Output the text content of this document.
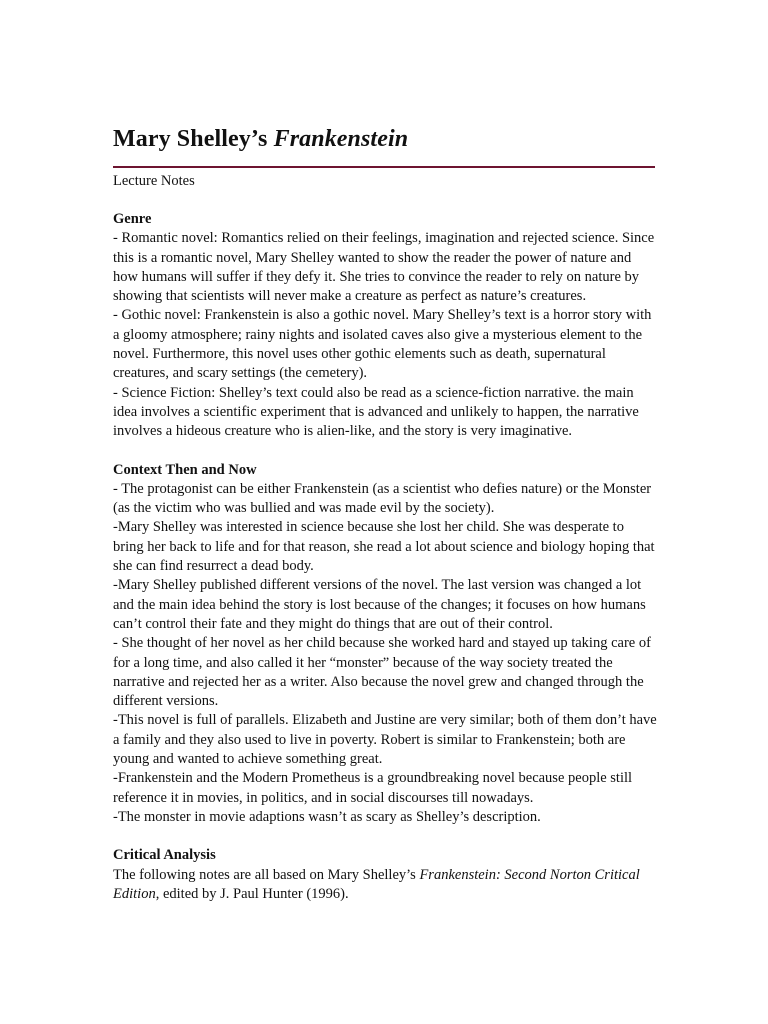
Mary Shelley’s Frankenstein

Lecture Notes

Genre

- Romantic novel: Romantics relied on their feelings, imagination and rejected science. Since this is a romantic novel, Mary Shelley wanted to show the reader the power of nature and how humans will suffer if they defy it. She tries to convince the reader to rely on nature by showing that scientists will never make a creature as perfect as nature’s creatures.

- Gothic novel: Frankenstein is also a gothic novel. Mary Shelley’s text is a horror story with a gloomy atmosphere; rainy nights and isolated caves also give a mysterious element to the novel. Furthermore, this novel uses other gothic elements such as death, supernatural creatures, and scary settings (the cemetery).

- Science Fiction: Shelley’s text could also be read as a science-fiction narrative. the main idea involves a scientific experiment that is advanced and unlikely to happen, the narrative involves a hideous creature who is alien-like, and the story is very imaginative.

Context Then and Now

- The protagonist can be either Frankenstein (as a scientist who defies nature) or the Monster (as the victim who was bullied and was made evil by the society).

-Mary Shelley was interested in science because she lost her child. She was desperate to bring her back to life and for that reason, she read a lot about science and biology hoping that she can find resurrect a dead body.

-Mary Shelley published different versions of the novel. The last version was changed a lot and the main idea behind the story is lost because of the changes; it focuses on how humans can’t control their fate and they might do things that are out of their control.

- She thought of her novel as her child because she worked hard and stayed up taking care of for a long time, and also called it her “monster” because of the way society treated the narrative and rejected her as a writer. Also because the novel grew and changed through the different versions.

-This novel is full of parallels. Elizabeth and Justine are very similar; both of them don’t have a family and they also used to live in poverty. Robert is similar to Frankenstein; both are young and wanted to achieve something great.

-Frankenstein and the Modern Prometheus is a groundbreaking novel because people still reference it in movies, in politics, and in social discourses till nowadays.

-The monster in movie adaptions wasn’t as scary as Shelley’s description.

Critical Analysis

The following notes are all based on Mary Shelley’s Frankenstein: Second Norton Critical Edition, edited by J. Paul Hunter (1996).
